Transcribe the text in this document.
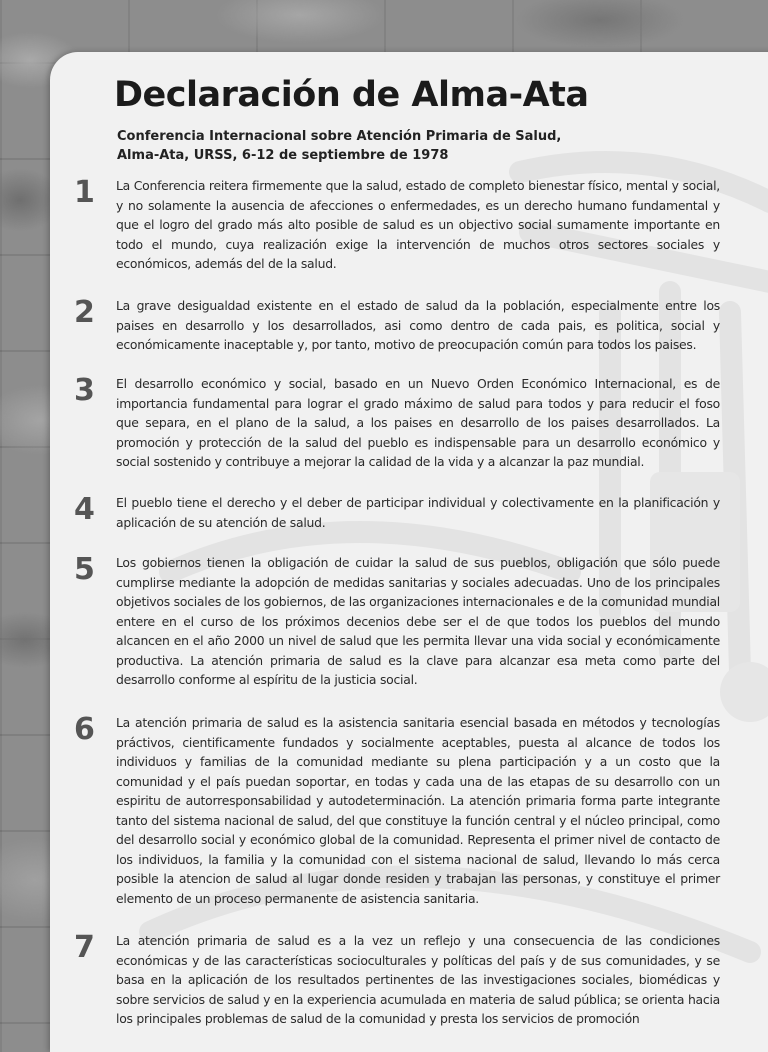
Declaración de Alma-Ata
Conferencia Internacional sobre Atención Primaria de Salud,
Alma-Ata, URSS, 6-12 de septiembre de 1978
1	La Conferencia reitera firmemente que la salud, estado de completo bienestar físico, mental y social, y no solamente la ausencia de afecciones o enfermedades, es un derecho humano fundamental y que el logro del grado más alto posible de salud es un objectivo social sumamente importante en todo el mundo, cuya realización exige la intervención de muchos otros sectores sociales y económicos, además del de la salud.

2	La grave desigualdad existente en el estado de salud da la población, especialmente entre los paises en desarrollo y los desarrollados, asi como dentro de cada pais, es politica, social y económicamente inaceptable y, por tanto, motivo de preocupación común para todos los paises.

3	El desarrollo económico y social, basado en un Nuevo Orden Económico Internacional, es de importancia fundamental para lograr el grado máximo de salud para todos y para reducir el foso que separa, en el plano de la salud, a los paises en desarrollo de los paises desarrollados. La promoción y protección de la salud del pueblo es indispensable para un desarrollo económico y social sostenido y contribuye a mejorar la calidad de la vida y a alcanzar la paz mundial.

4	El pueblo tiene el derecho y el deber de participar individual y colectivamente en la planificación y aplicación de su atención de salud.

5	Los gobiernos tienen la obligación de cuidar la salud de sus pueblos, obligación que sólo puede cumplirse mediante la adopción de medidas sanitarias y sociales adecuadas. Uno de los principales objetivos sociales de los gobiernos, de las organizaciones internacionales e de la comunidad mundial entere en el curso de los próximos decenios debe ser el de que todos los pueblos del mundo alcancen en el año 2000 un nivel de salud que les permita llevar una vida social y económicamente productiva. La atención primaria de salud es la clave para alcanzar esa meta como parte del desarrollo conforme al espíritu de la justicia social.

6	La atención primaria de salud es la asistencia sanitaria esencial basada en métodos y tecnologías práctivos, cientificamente fundados y socialmente aceptables, puesta al alcance de todos los individuos y familias de la comunidad mediante su plena participación y a un costo que la comunidad y el país puedan soportar, en todas y cada una de las etapas de su desarrollo con un espiritu de autorresponsabilidad y autodeterminación. La atención primaria forma parte integrante tanto del sistema nacional de salud, del que constituye la función central y el núcleo principal, como del desarrollo social y económico global de la comunidad. Representa el primer nivel de contacto de los individuos, la familia y la comunidad con el sistema nacional de salud, llevando lo más cerca posible la atencion de salud al lugar donde residen y trabajan las personas, y constituye el primer elemento de un proceso permanente de asistencia sanitaria.

7	La atención primaria de salud es a la vez un reflejo y una consecuencia de las condiciones económicas y de las características socioculturales y políticas del país y de sus comunidades, y se basa en la aplicación de los resultados pertinentes de las investigaciones sociales, biomédicas y sobre servicios de salud y en la experiencia acumulada en materia de salud pública; se orienta hacia los principales problemas de salud de la comunidad y presta los servicios de promoción
